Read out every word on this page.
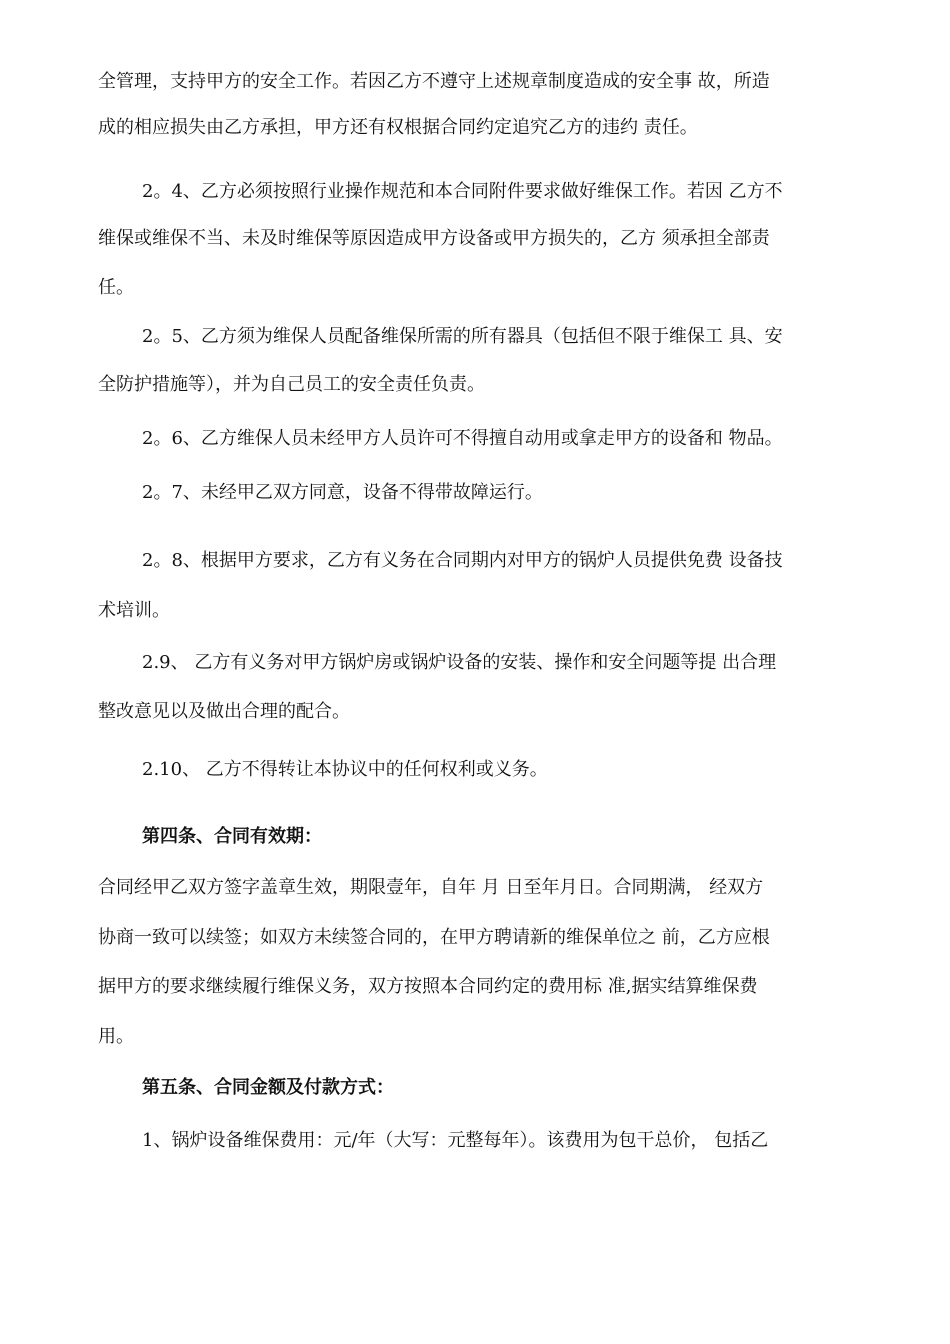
全管理，支持甲方的安全工作。若因乙方不遵守上述规章制度造成的安全事 故，所造
成的相应损失由乙方承担，甲方还有权根据合同约定追究乙方的违约 责任。
2。4、乙方必须按照行业操作规范和本合同附件要求做好维保工作。若因 乙方不
维保或维保不当、未及时维保等原因造成甲方设备或甲方损失的，乙方 须承担全部责
任。
2。5、乙方须为维保人员配备维保所需的所有器具（包括但不限于维保工 具、安
全防护措施等），并为自己员工的安全责任负责。
2。6、乙方维保人员未经甲方人员许可不得擅自动用或拿走甲方的设备和 物品。
2。7、未经甲乙双方同意，设备不得带故障运行。
2。8、根据甲方要求，乙方有义务在合同期内对甲方的锅炉人员提供免费 设备技
术培训。
2.9、 乙方有义务对甲方锅炉房或锅炉设备的安装、操作和安全问题等提 出合理
整改意见以及做出合理的配合。
2.10、 乙方不得转让本协议中的任何权利或义务。
第四条、合同有效期：
合同经甲乙双方签字盖章生效，期限壹年，自年 月 日至年月日。合同期满， 经双方
协商一致可以续签；如双方未续签合同的，在甲方聘请新的维保单位之 前，乙方应根
据甲方的要求继续履行维保义务，双方按照本合同约定的费用标 准,据实结算维保费
用。
第五条、合同金额及付款方式：
1、锅炉设备维保费用：元/年（大写：元整每年）。该费用为包干总价， 包括乙
